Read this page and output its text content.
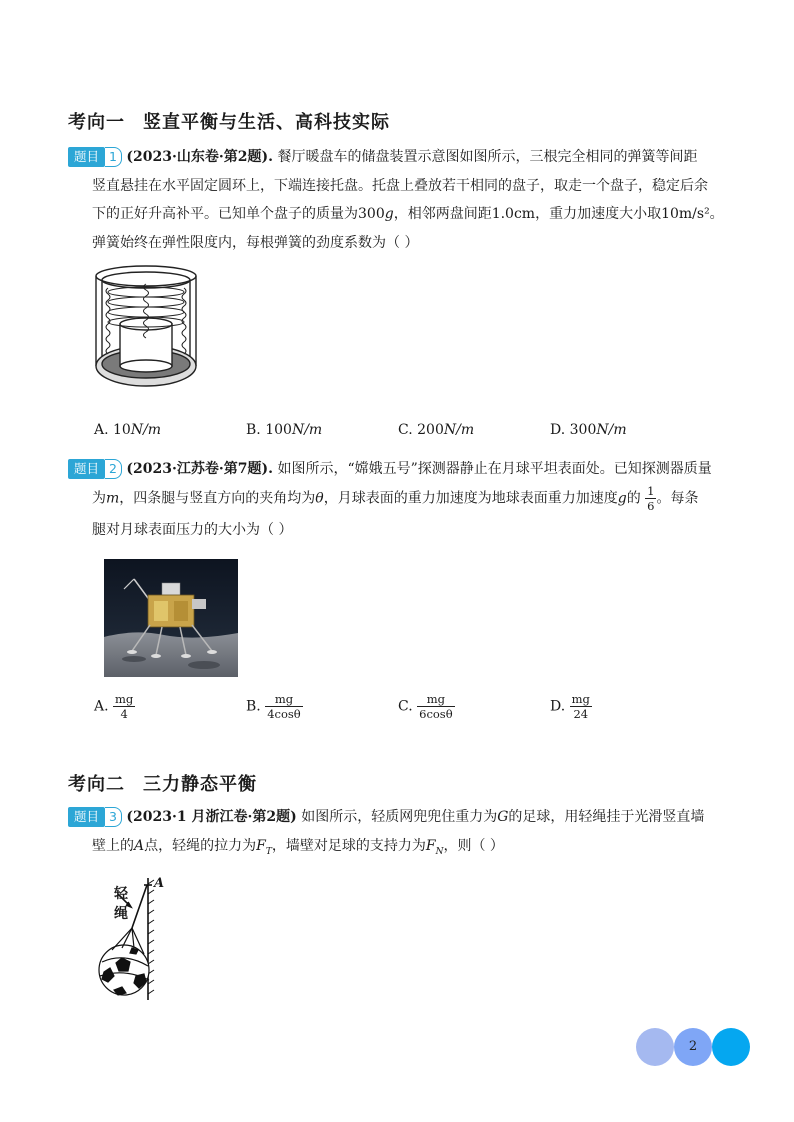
考向一 竖直平衡与生活、高科技实际
题目 1 (2023·山东卷·第2题). 餐厅暖盘车的储盘装置示意图如图所示，三根完全相同的弹簧等间距
竖直悬挂在水平固定圆环上，下端连接托盘。托盘上叠放若干相同的盘子，取走一个盘子，稳定后余
下的正好升高补平。已知单个盘子的质量为300g，相邻两盘间距1.0cm，重力加速度大小取10m/s²。
弹簧始终在弹性限度内，每根弹簧的劲度系数为（ ）
A. 10N/m	B. 100N/m	C. 200N/m	D. 300N/m
题目 2 (2023·江苏卷·第7题). 如图所示，“嫦娥五号”探测器静止在月球平坦表面处。已知探测器质量
为m，四条腿与竖直方向的夹角均为θ，月球表面的重力加速度为地球表面重力加速度g的 $\frac{1}{6}$ 。每条
腿对月球表面压力的大小为（ ）
A. $\frac{mg}{4}$	B. $\frac{mg}{4\cos\theta}$	C. $\frac{mg}{6\cos\theta}$	D. $\frac{mg}{24}$
考向二 三力静态平衡
题目 3 (2023·1 月浙江卷·第2题) 如图所示，轻质网兜兜住重力为G的足球，用轻绳挂于光滑竖直墙
壁上的A点，轻绳的拉力为$F_T$，墙壁对足球的支持力为$F_N$，则（ ）
轻
绳
A
2
